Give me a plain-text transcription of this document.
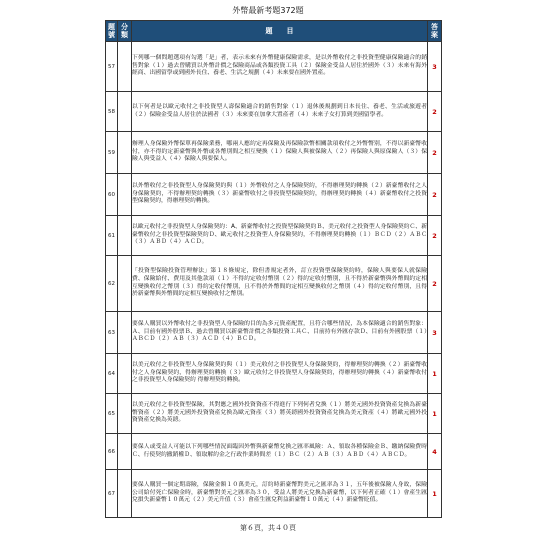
外幣最新考題372題
題號	分類	題　　目	答案
57		下列哪一個問題選項有勾選「是」者，表示未來有外幣健康保險需求，是以外幣收付之非投資型健康保險適合的銷售對象（１）過去曾購買以外幣計價之保險商品或各類投資工具（２）保險金受益人居住於國外（３）未來有海外經商、出國留學或到國外長住、養老、生活之規劃（４）未來要在國外置產。	3
58		以下何者是以歐元收付之非投資型人壽保險適合的銷售對象（１）退休後規劃到日本長住、養老、生活或旅遊者（２）保險金受益人居住於法國者（３）未來要在加拿大置產者（４）未來子女打算到美國留學者。	2
59		辦理人身保險外幣保單再保險業務，哪兩人應約定再保險及再保險款幣相關款項收付之外幣幣別，不得以新臺幣收付，亦不得約定新臺幣與外幣或各幣別間之相互變換（１）保險人與被保險人（２）再保險人與原保險人（３）保險人與受益人（４）保險人與要保人。	2
60		以外幣收付之非投資型人身保險契約與（１）外幣收付之人身保險契約，不得辦理契約轉換（２）新臺幣收付之人身保險契約，不得辦理契約轉換（３）新臺幣收付之非投資型保險契約，得辦理契約轉換（４）新臺幣收付之投資型保險契約，得辦理契約轉換。	2
61		以歐元收付之非投資型人身保險契約：A、新臺幣收付之投資型保險契約Ｂ、美元收付之投資型人身保險契約Ｃ、新臺幣收付之非投資型保險契約Ｄ、歐元收付之投資型人身保險契約，不得辦理契約轉換（１）ＢＣＤ（２）ＡＢＣ（３）ＡＢＤ（４）ＡＣＤ。	2
62		「投資型保險投資管理辦法」第１８條規定，除但書規定者外，訂立投資型保險契約時，保險人與要保人就保險費、保險給付、費用及其他款項（１）不得約定收付幣別（２）得約定收付幣別，且不得於新臺幣與外幣間約定相互變換收付之幣別（３）得約定收付幣別，且不得於外幣間約定相互變換收付之幣別（４）得約定收付幣別，且得於新臺幣與外幣間約定相互變換收付之幣別。	2
63		要保人購買以外幣收付之非投資型人身保險的目的為多元資產配置，且符合哪些情況，為本保險適合的銷售對象：Ａ、目前有國外股票Ｂ、過去曾購買以新臺幣計價之各類投資工具Ｃ、目前持有外匯存款Ｄ、目前有外國股票（１）ＡＢＣＤ（２）ＡＢ（３）ＡＣＤ（４）ＢＣＤ。	3
64		以美元收付之非投資型人身保險契約與（１）美元收付之非投資型人身保險契約，得辦理契約轉換（２）新臺幣收付之人身保險契約，得辦理契約轉換（３）歐元收付之非投資型人身保險契約，得辦理契約轉換（４）新臺幣收付之非投資型人身保險契約 得辦理契約轉換。	1
65		以美元收付之非投資型保險，其對應之國外投資資產不得進行下列何者兌換（１）將美元國外投資資產兌換為新臺幣資產（２）將美元國外投資資產兌換為歐元資產（３）將英鎊國外投資資產兌換為美元資產（４）將歐元國外投資資產兌換為英鎊。	1
66		要保人或受益人可能以下列哪些情況面臨因外幣與新臺幣兌換之匯率風險：Ａ、領取各種保險金Ｂ、繳納保險費時Ｃ、行使契約撤銷權Ｄ、領取解約金之行政作業時間差（１）ＢＣ（２）ＡＢ（３）ＡＢＤ（４）ＡＢＣＤ。	4
67		要保人購買一個定期壽險，保險金額１０萬美元，訂約時新臺幣對美元之匯率為３１，五年後被保險人身故，保險公司給付死亡保險金時，新臺幣對美元之匯率為３０，受益人將美元兌換為新臺幣，以下何者正確（１）會產生匯兌損失新臺幣１０萬元（２）美元升值（３）會產生匯兌利益新臺幣１０萬元（４）新臺幣貶值。	1
第６頁，共４０頁
